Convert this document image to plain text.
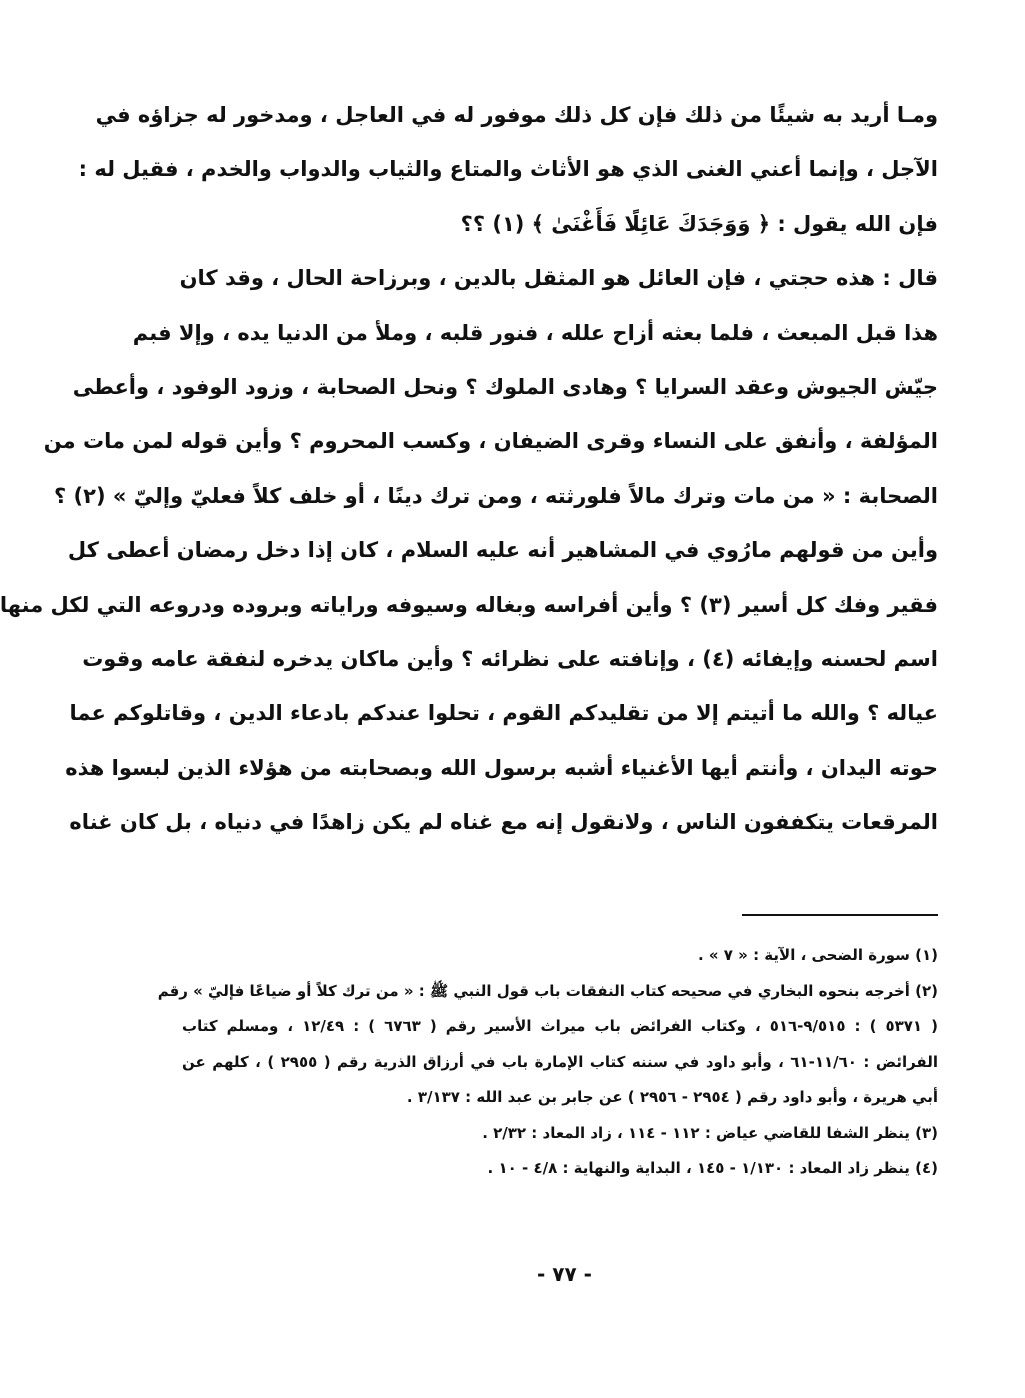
ومـا أريد به شيئًا من ذلك فإن كل ذلك موفور له في العاجل ، ومدخور له جزاؤه في
الآجل ، وإنما أعني الغنى الذي هو الأثاث والمتاع والثياب والدواب والخدم ، فقيل له :
فإن الله يقول : ﴿ وَوَجَدَكَ عَائِلًا فَأَغْنَىٰ ﴾ (١) ؟؟
قال : هذه حجتي ، فإن العائل هو المثقل بالدين ، وبرزاحة الحال ، وقد كان
هذا قبل المبعث ، فلما بعثه أزاح علله ، فنور قلبه ، وملأ من الدنيا يده ، وإلا فبم
جيّش الجيوش وعقد السرايا ؟ وهادى الملوك ؟ ونحل الصحابة ، وزود الوفود ، وأعطى
المؤلفة ، وأنفق على النساء وقرى الضيفان ، وكسب المحروم ؟ وأين قوله لمن مات من
الصحابة : « من مات وترك مالاً فلورثته ، ومن ترك دينًا ، أو خلف كلاً فعليّ وإليّ » (٢) ؟
وأين من قولهم مارُوي في المشاهير أنه عليه السلام ، كان إذا دخل رمضان أعطى كل
فقير وفك كل أسير (٣) ؟ وأين أفراسه وبغاله وسيوفه وراياته وبروده ودروعه التي لكل منها
اسم لحسنه وإيفائه (٤) ، وإنافته على نظرائه ؟ وأين ماكان يدخره لنفقة عامه وقوت
عياله ؟ والله ما أتيتم إلا من تقليدكم القوم ، تحلوا عندكم بادعاء الدين ، وقاتلوكم عما
حوته اليدان ، وأنتم أيها الأغنياء أشبه برسول الله وبصحابته من هؤلاء الذين لبسوا هذه
المرقعات يتكففون الناس ، ولانقول إنه مع غناه لم يكن زاهدًا في دنياه ، بل كان غناه
(١) سورة الضحى ، الآية : « ٧ » .
(٢) أخرجه بنحوه البخاري في صحيحه كتاب النفقات باب قول النبي ﷺ : « من ترك كلاً أو ضياعًا فإليّ » رقم
( ٥٣٧١ ) : ٩/٥١٥-٥١٦ ، وكتاب الفرائض باب ميراث الأسير رقم ( ٦٧٦٣ ) : ١٢/٤٩ ، ومسلم كتاب
الفرائض : ١١/٦٠-٦١ ، وأبو داود في سننه كتاب الإمارة باب في أرزاق الذرية رقم ( ٢٩٥٥ ) ، كلهم عن
أبي هريرة ، وأبو داود رقم ( ٢٩٥٤ - ٢٩٥٦ ) عن جابر بن عبد الله : ٣/١٣٧ .
(٣) ينظر الشفا للقاضي عياض : ١١٢ - ١١٤ ، زاد المعاد : ٢/٣٢ .
(٤) ينظر زاد المعاد : ١/١٣٠ - ١٤٥ ، البداية والنهاية : ٤/٨ - ١٠ .
- ٧٧ -
